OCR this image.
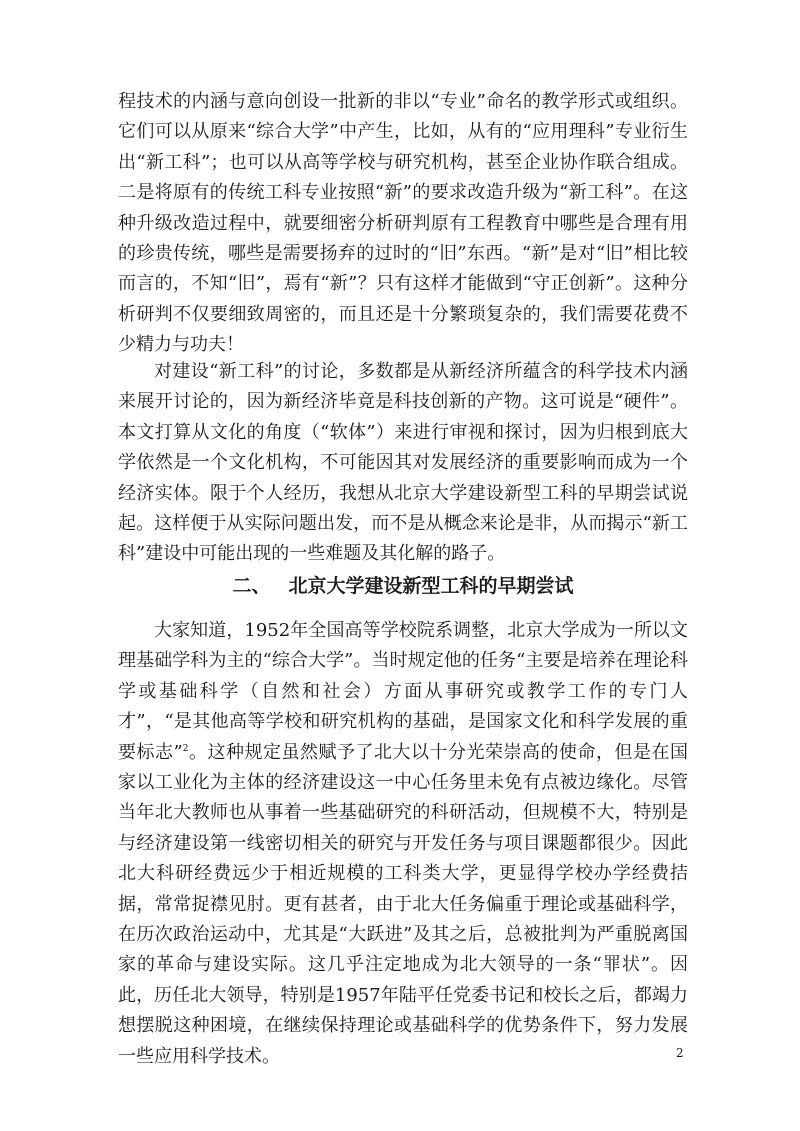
程技术的内涵与意向创设一批新的非以“专业”命名的教学形式或组织。它们可以从原来“综合大学”中产生，比如，从有的“应用理科”专业衍生出“新工科”；也可以从高等学校与研究机构，甚至企业协作联合组成。二是将原有的传统工科专业按照“新”的要求改造升级为“新工科”。在这种升级改造过程中，就要细密分析研判原有工程教育中哪些是合理有用的珍贵传统，哪些是需要扬弃的过时的“旧”东西。“新”是对“旧”相比较而言的，不知“旧”，焉有“新”？只有这样才能做到“守正创新”。这种分析研判不仅要细致周密的，而且还是十分繁琐复杂的，我们需要花费不少精力与功夫！

对建设“新工科”的讨论，多数都是从新经济所蕴含的科学技术内涵来展开讨论的，因为新经济毕竟是科技创新的产物。这可说是“硬件”。本文打算从文化的角度（“软体”）来进行审视和探讨，因为归根到底大学依然是一个文化机构，不可能因其对发展经济的重要影响而成为一个经济实体。限于个人经历，我想从北京大学建设新型工科的早期尝试说起。这样便于从实际问题出发，而不是从概念来论是非，从而揭示“新工科”建设中可能出现的一些难题及其化解的路子。

二、 北京大学建设新型工科的早期尝试

大家知道，1952年全国高等学校院系调整，北京大学成为一所以文理基础学科为主的“综合大学”。当时规定他的任务“主要是培养在理论科学或基础科学（自然和社会）方面从事研究或教学工作的专门人才”，“是其他高等学校和研究机构的基础，是国家文化和科学发展的重要标志”$^2$。这种规定虽然赋予了北大以十分光荣崇高的使命，但是在国家以工业化为主体的经济建设这一中心任务里未免有点被边缘化。尽管当年北大教师也从事着一些基础研究的科研活动，但规模不大，特别是与经济建设第一线密切相关的研究与开发任务与项目课题都很少。因此北大科研经费远少于相近规模的工科类大学，更显得学校办学经费拮据，常常捉襟见肘。更有甚者，由于北大任务偏重于理论或基础科学，在历次政治运动中，尤其是“大跃进”及其之后，总被批判为严重脱离国家的革命与建设实际。这几乎注定地成为北大领导的一条“罪状”。因此，历任北大领导，特别是1957年陆平任党委书记和校长之后，都竭力想摆脱这种困境，在继续保持理论或基础科学的优势条件下，努力发展一些应用科学技术。	2
